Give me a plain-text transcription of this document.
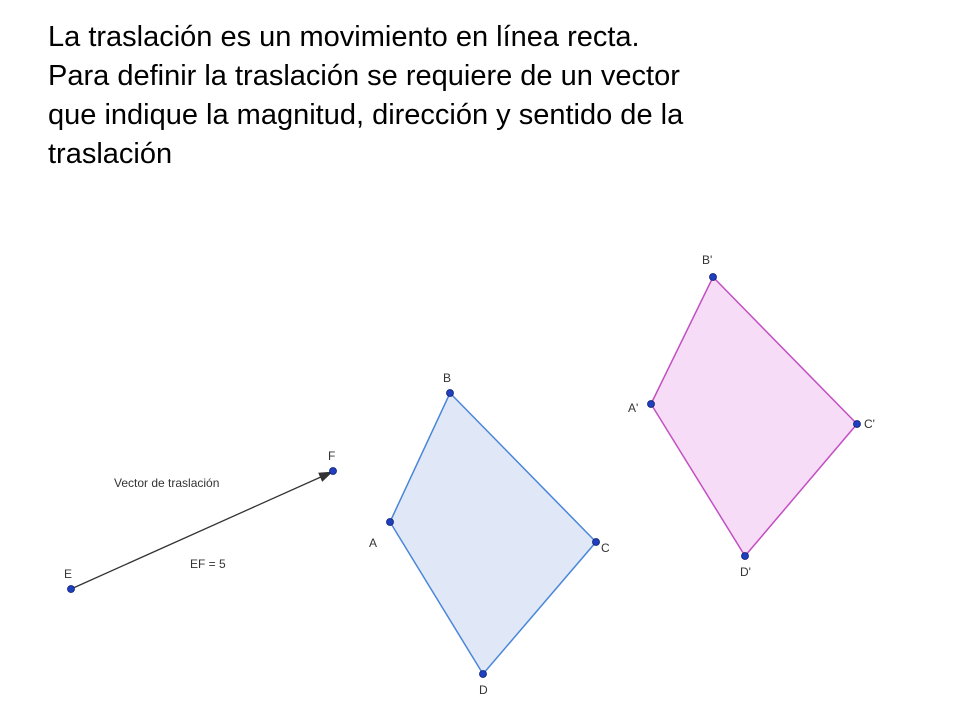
La traslación es un movimiento en línea recta.
Para definir la traslación se requiere de un vector
que indique la magnitud, dirección y sentido de la
traslación
E
F
Vector de traslación
EF = 5
A
B
C
D
A'
B'
C'
D'
